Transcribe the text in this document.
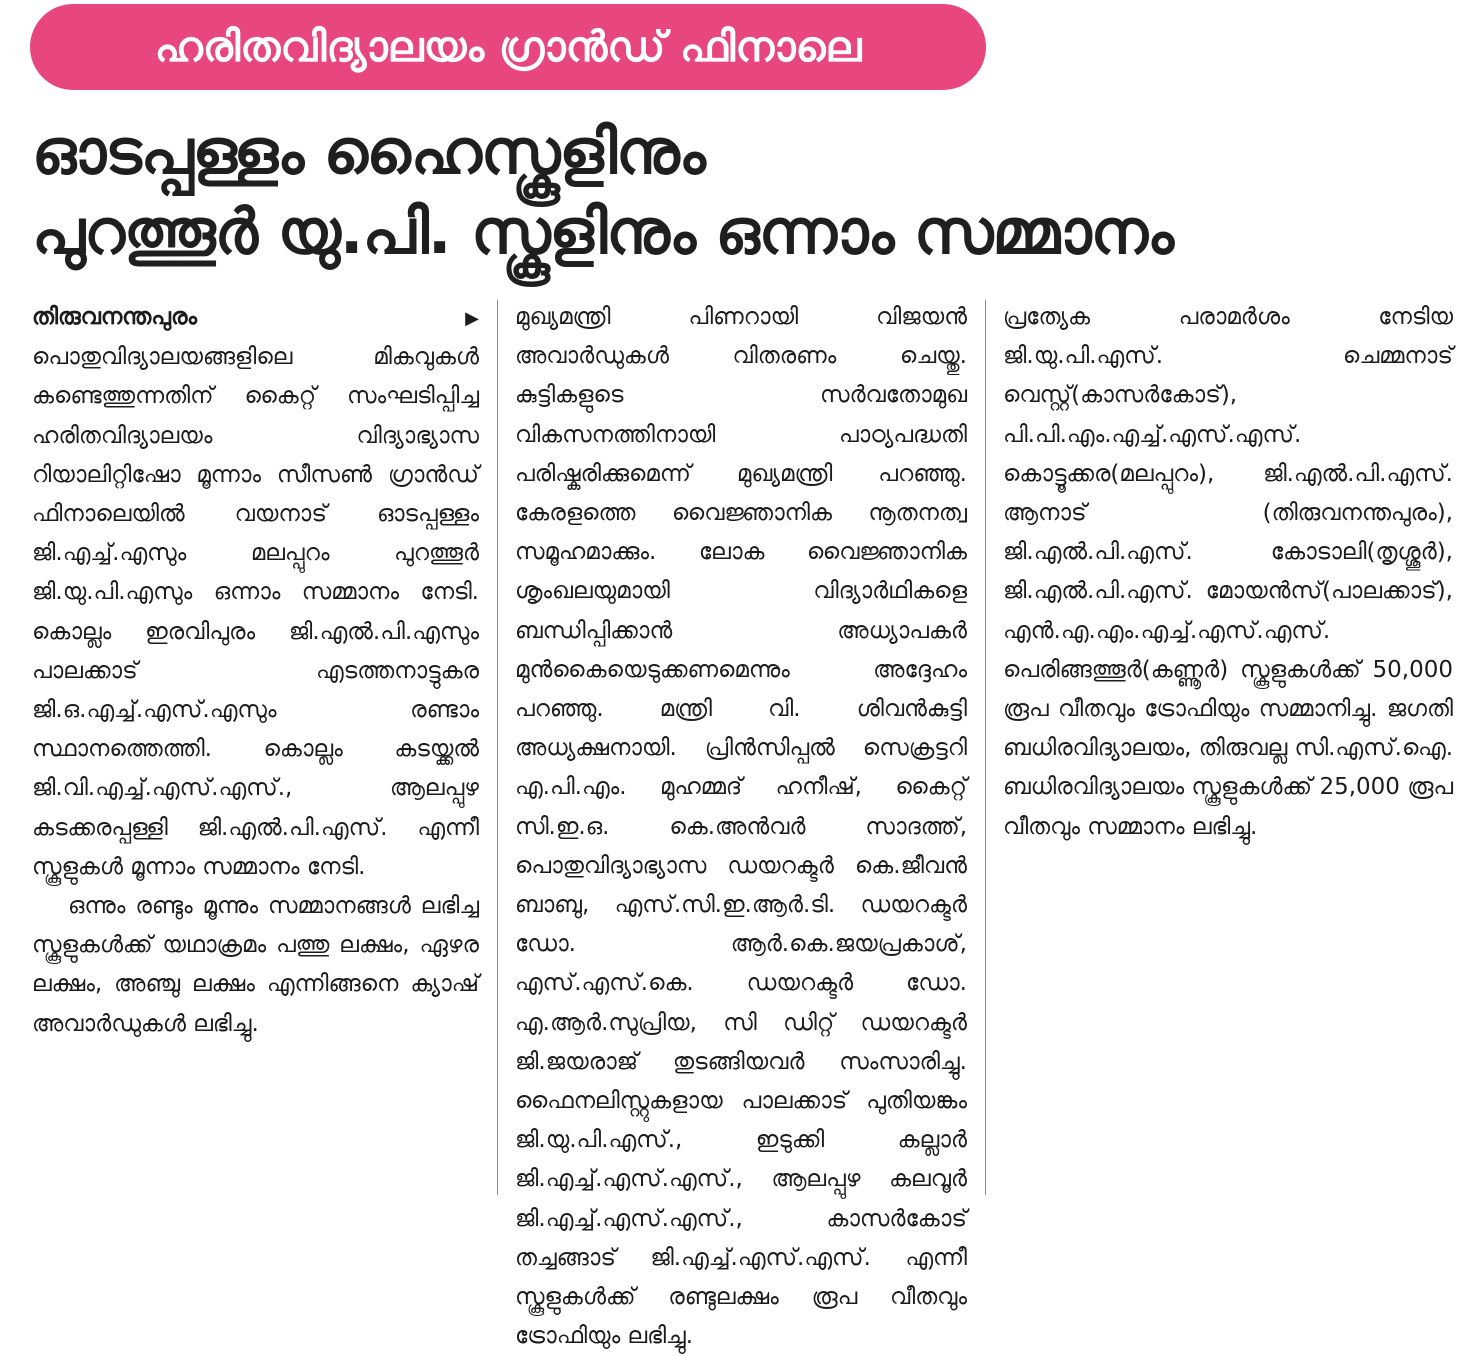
ഹരിതവിദ്യാലയം ഗ്രാൻഡ് ഫിനാലെ
ഓടപ്പള്ളം ഹൈസ്കൂളിനും
പുറത്തൂർ യു.പി. സ്കൂളിനും ഒന്നാം സമ്മാനം

തിരുവനന്തപുരം	▶ പൊതുവിദ്യാലയങ്ങളിലെ മികവുകൾ കണ്ടെത്തുന്നതിന് കൈറ്റ് സംഘടിപ്പിച്ച ഹരിതവിദ്യാലയം വിദ്യാഭ്യാസ റിയാലിറ്റിഷോ മൂന്നാം സീസൺ ഗ്രാൻഡ് ഫിനാലെയിൽ വയനാട് ഓടപ്പള്ളം ജി.എച്ച്.എസും മലപ്പുറം പുറത്തൂർ ജി.യു.പി.എസും ഒന്നാം സമ്മാനം നേടി. കൊല്ലം ഇരവിപുരം ജി.എൽ.പി.എസും പാലക്കാട് എടത്തനാട്ടുകര ജി.ഒ.എച്ച്.എസ്.എസും രണ്ടാം സ്ഥാനത്തെത്തി. കൊല്ലം കടയ്ക്കൽ ജി.വി.എച്ച്.എസ്.എസ്., ആലപ്പുഴ കടക്കരപ്പള്ളി ജി.എൽ.പി.എസ്. എന്നീ സ്കൂളുകൾ മൂന്നാം സമ്മാനം നേടി.

ഒന്നും രണ്ടും മൂന്നും സമ്മാനങ്ങൾ ലഭിച്ച സ്കൂളുകൾക്ക് യഥാക്രമം പത്തു ലക്ഷം, ഏഴര ലക്ഷം, അഞ്ചു ലക്ഷം എന്നിങ്ങനെ ക്യാഷ് അവാർഡുകൾ ലഭിച്ചു.

മുഖ്യമന്ത്രി പിണറായി വിജയൻ അവാർഡുകൾ വിതരണം ചെയ്തു. കുട്ടികളുടെ സർവതോമുഖ വികസനത്തിനായി പാഠ്യപദ്ധതി പരിഷ്കരിക്കുമെന്ന് മുഖ്യമന്ത്രി പറഞ്ഞു. കേരളത്തെ വൈജ്ഞാനിക നൂതനത്വ സമൂഹമാക്കും. ലോക വൈജ്ഞാനിക ശൃംഖലയുമായി വിദ്യാർഥികളെ ബന്ധിപ്പിക്കാൻ അധ്യാപകർ മുൻകൈയെടുക്കണമെന്നും അദ്ദേഹം പറഞ്ഞു. മന്ത്രി വി. ശിവൻകുട്ടി അധ്യക്ഷനായി. പ്രിൻസിപ്പൽ സെക്രട്ടറി എ.പി.എം. മുഹമ്മദ് ഹനീഷ്, കൈറ്റ് സി.ഇ.ഒ. കെ.അൻവർ സാദത്ത്, പൊതുവിദ്യാഭ്യാസ ഡയറക്ടർ കെ.ജീവൻ ബാബു, എസ്.സി.ഇ.ആർ.ടി. ഡയറക്ടർ ഡോ. ആർ.കെ.ജയപ്രകാശ്, എസ്.എസ്.കെ. ഡയറക്ടർ ഡോ. എ.ആർ.സുപ്രിയ, സി ഡിറ്റ് ഡയറക്ടർ ജി.ജയരാജ് തുടങ്ങിയവർ സംസാരിച്ചു. ഫൈനലിസ്റ്റുകളായ പാലക്കാട് പുതിയങ്കം ജി.യു.പി.എസ്., ഇടുക്കി കല്ലാർ ജി.എച്ച്.എസ്.എസ്., ആലപ്പുഴ കലവൂർ ജി.എച്ച്.എസ്.എസ്., കാസർകോട് തച്ചങ്ങാട് ജി.എച്ച്.എസ്.എസ്. എന്നീ സ്കൂളുകൾക്ക് രണ്ടുലക്ഷം രൂപ വീതവും ട്രോഫിയും ലഭിച്ചു.

പ്രത്യേക പരാമർശം നേടിയ ജി.യു.പി.എസ്. ചെമ്മനാട് വെസ്റ്റ്(കാസർകോട്), പി.പി.എം.എച്ച്.എസ്.എസ്. കൊട്ടൂക്കര(മലപ്പുറം), ജി.എൽ.പി.എസ്. ആനാട് (തിരുവനന്തപുരം), ജി.എൽ.പി.എസ്. കോടാലി(തൃശ്ശൂർ), ജി.എൽ.പി.എസ്. മോയൻസ്(പാലക്കാട്), എൻ.എ.എം.എച്ച്.എസ്.എസ്. പെരിങ്ങത്തൂർ(കണ്ണൂർ) സ്കൂളുകൾക്ക് 50,000 രൂപ വീതവും ട്രോഫിയും സമ്മാനിച്ചു. ജഗതി ബധിരവിദ്യാലയം, തിരുവല്ല സി.എസ്.ഐ. ബധിരവിദ്യാലയം സ്കൂളുകൾക്ക് 25,000 രൂപ വീതവും സമ്മാനം ലഭിച്ചു.
